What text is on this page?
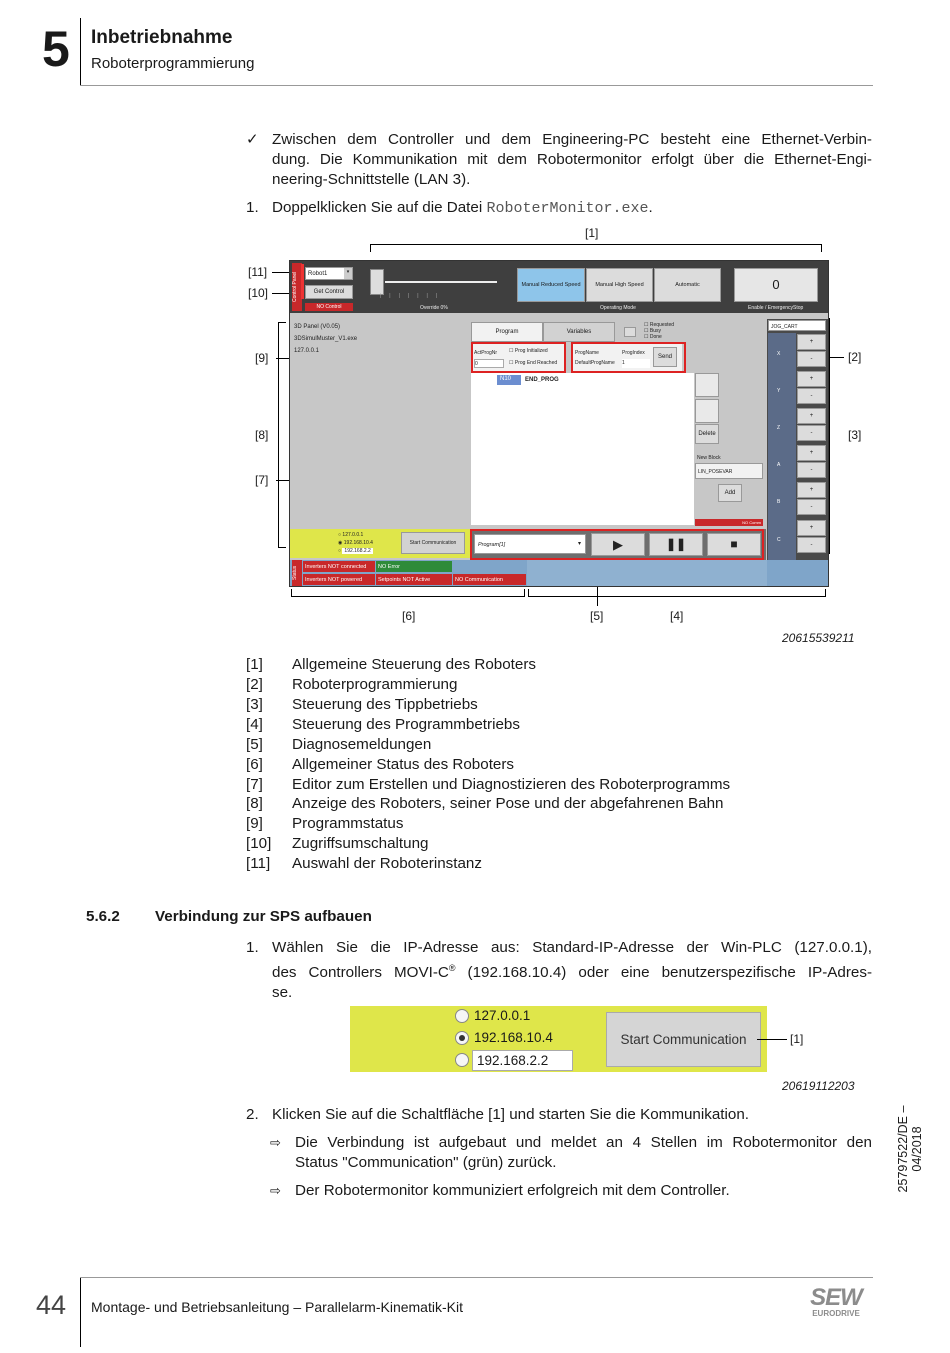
5 Inbetriebnahme
Roboterprogrammierung
✓ Zwischen dem Controller und dem Engineering-PC besteht eine Ethernet-Verbin-
dung. Die Kommunikation mit dem Robotermonitor erfolgt über die Ethernet-Engi-
neering-Schnittstelle (LAN 3).
1. Doppelklicken Sie auf die Datei RoboterMonitor.exe.
[1]
[11]
[10]
[9]	[2]
[8]	[3]
[7]
[6]	[5]	[4]
Control Panel	Robot1	▾
Get Control
NO Control	Override 0%
Manual Reduced Speed	Manual High Speed	Automatic
Operating Mode
0
Enable / EmergencyStop
3D Panel (V0.05)
3DSimulMuster_V1.exe
127.0.0.1
Program	Variables
☐ Requested
☐ Busy
☐ Done
ActProgNr
0
☐ Prog Initialized
☐ Prog End Reached
ProgName	ProgIndex
DefaultProgName 1
Send
N10	END_PROG
Delete
New Block
LIN_POSEVAR
Add
NO Comm
JOG_CART
X
Y
Z
A
B
C
+
-
+
-
+
-
+
-
+
-
+
-
○ 127.0.0.1
◉ 192.168.10.4
○ 192.168.2.2
Start Communication	Program[1]	▾	▶	❚❚	■
Status	Inverters NOT connected	NO Error
Inverters NOT powered	Setpoints NOT Active	NO Communication
20615539211
[1] Allgemeine Steuerung des Roboters
[2] Roboterprogrammierung
[3] Steuerung des Tippbetriebs
[4] Steuerung des Programmbetriebs
[5] Diagnosemeldungen
[6] Allgemeiner Status des Roboters
[7] Editor zum Erstellen und Diagnostizieren des Roboterprogramms
[8] Anzeige des Roboters, seiner Pose und der abgefahrenen Bahn
[9] Programmstatus
[10] Zugriffsumschaltung
[11] Auswahl der Roboterinstanz
5.6.2 Verbindung zur SPS aufbauen
1. Wählen Sie die IP-Adresse aus: Standard-IP-Adresse der Win-PLC (127.0.0.1),
des Controllers MOVI-C® (192.168.10.4) oder eine benutzerspezifische IP-Adres-
se.
127.0.0.1
192.168.10.4
192.168.2.2
Start Communication	[1]
20619112203
2. Klicken Sie auf die Schaltfläche [1] und starten Sie die Kommunikation.
⇨ Die Verbindung ist aufgebaut und meldet an 4 Stellen im Robotermonitor den
Status "Communication" (grün) zurück.
⇨ Der Robotermonitor kommuniziert erfolgreich mit dem Controller.	25797522/DE – 04/2018
44 Montage- und Betriebsanleitung – Parallelarm-Kinematik-Kit	SEW
EURODRIVE
